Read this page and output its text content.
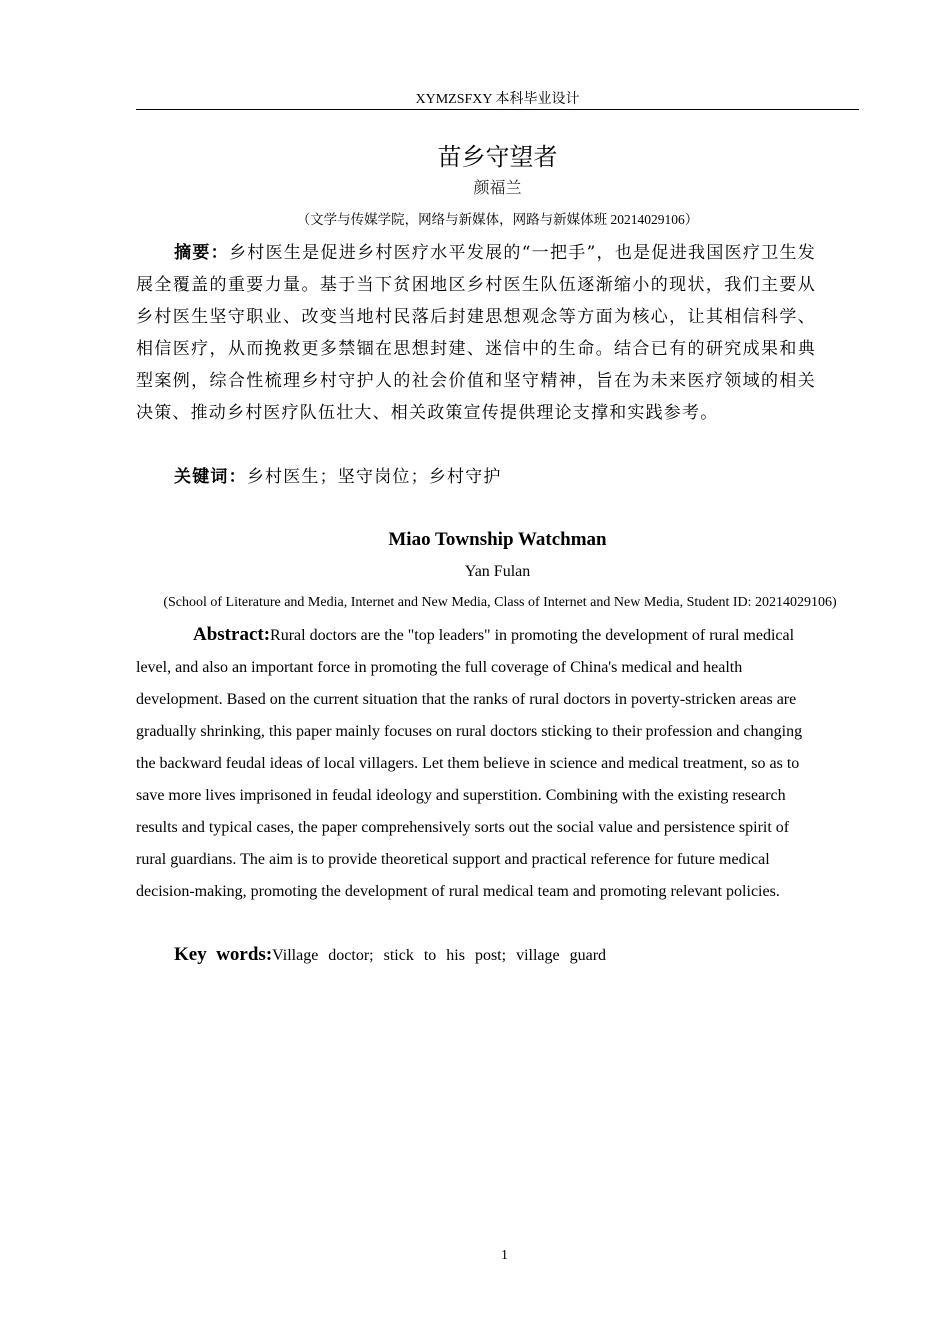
XYMZSFXY 本科毕业设计
苗乡守望者
颜福兰
（文学与传媒学院，网络与新媒体，网路与新媒体班 20214029106）
摘要：乡村医生是促进乡村医疗水平发展的“一把手”，也是促进我国医疗卫生发展全覆盖的重要力量。基于当下贫困地区乡村医生队伍逐渐缩小的现状，我们主要从乡村医生坚守职业、改变当地村民落后封建思想观念等方面为核心，让其相信科学、相信医疗，从而挽救更多禁锢在思想封建、迷信中的生命。结合已有的研究成果和典型案例，综合性梳理乡村守护人的社会价值和坚守精神，旨在为未来医疗领域的相关决策、推动乡村医疗队伍壮大、相关政策宣传提供理论支撑和实践参考。
关键词：乡村医生；坚守岗位；乡村守护
Miao Township Watchman
Yan Fulan
(School of Literature and Media, Internet and New Media, Class of Internet and New Media, Student ID: 20214029106)
Abstract:Rural doctors are the "top leaders" in promoting the development of rural medical level, and also an important force in promoting the full coverage of China's medical and health development. Based on the current situation that the ranks of rural doctors in poverty-stricken areas are gradually shrinking, this paper mainly focuses on rural doctors sticking to their profession and changing the backward feudal ideas of local villagers. Let them believe in science and medical treatment, so as to save more lives imprisoned in feudal ideology and superstition. Combining with the existing research results and typical cases, the paper comprehensively sorts out the social value and persistence spirit of rural guardians. The aim is to provide theoretical support and practical reference for future medical decision-making, promoting the development of rural medical team and promoting relevant policies.
Key  words:Village doctor; stick to his post; village guard
1
